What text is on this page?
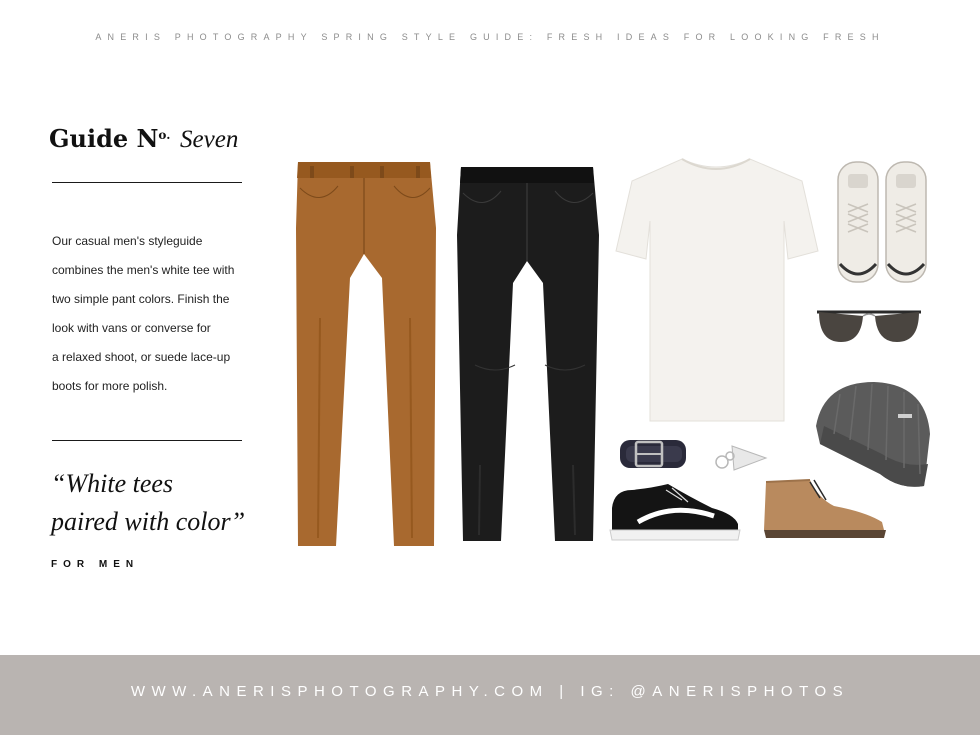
ANERIS PHOTOGRAPHY SPRING STYLE GUIDE: FRESH IDEAS FOR LOOKING FRESH
Guide $N^{o.}$ Seven
Our casual men's styleguide
combines the men's white tee with
two simple pant colors. Finish the
look with vans or converse for
a relaxed shoot, or suede lace-up
boots for more polish.
“White tees
paired with color”
FOR MEN
WWW.ANERISPHOTOGRAPHY.COM | IG: @ANERISPHOTOS
